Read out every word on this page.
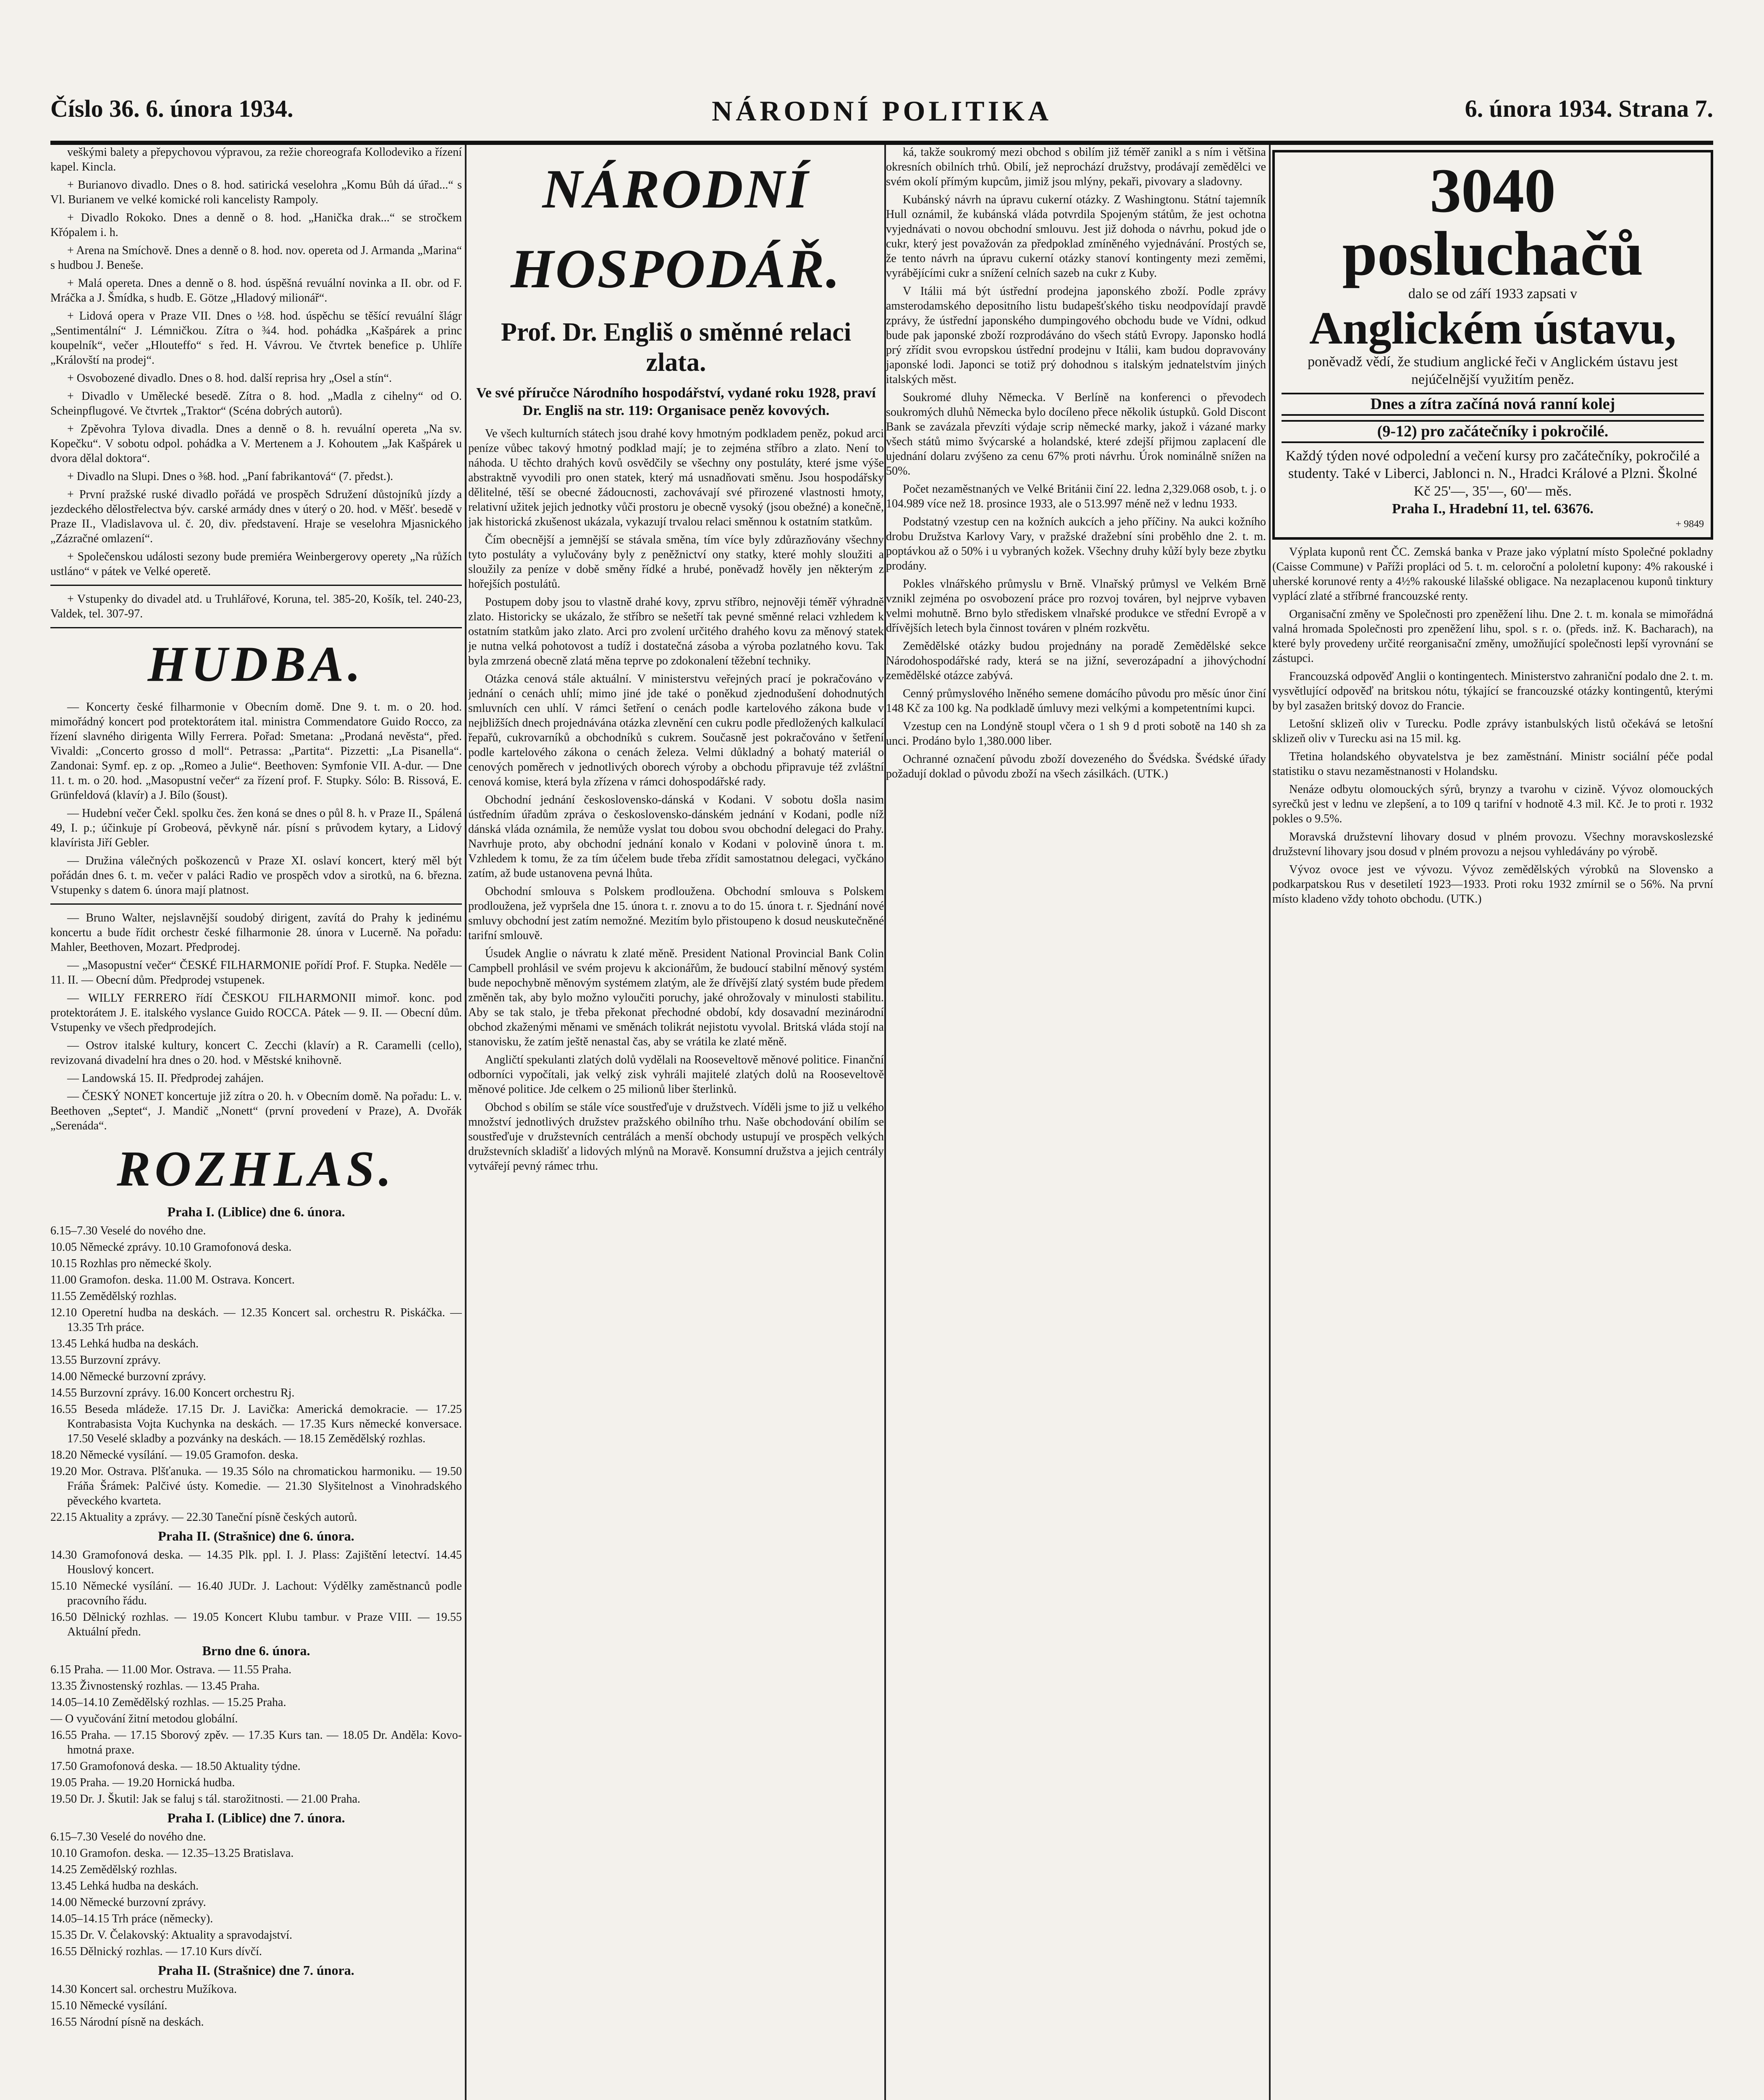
Číslo 36. 6. února 1934.	NÁRODNÍ POLITIKA	6. února 1934. Strana 7.

veškými balety a přepychovou výpravou, za režie choreografa Kollodeviko a řízení kapel. Kincla.

+ Burianovo divadlo. Dnes o 8. hod. satirická veselohra „Komu Bůh dá úřad...“ s Vl. Burianem ve velké komické roli kancelisty Rampoly.

+ Divadlo Rokoko. Dnes a denně o 8. hod. „Hanička drak...“ se stročkem Křópalem i. h.

+ Arena na Smíchově. Dnes a denně o 8. hod. nov. opereta od J. Armanda „Marina“ s hudbou J. Beneše.

+ Malá opereta. Dnes a denně o 8. hod. úspěšná revuální novinka a II. obr. od F. Mráčka a J. Šmídka, s hudb. E. Götze „Hladový milionář“.

+ Lidová opera v Praze VII. Dnes o ½8. hod. úspěchu se těšící revuální šlágr „Sentimentální“ J. Lémničkou. Zítra o ¾4. hod. pohádka „Kašpárek a princ koupelník“, večer „Hlouteffo“ s řed. H. Vávrou. Ve čtvrtek benefice p. Uhlíře „Královští na prodej“.

+ Osvobozené divadlo. Dnes o 8. hod. další reprisa hry „Osel a stín“.

+ Divadlo v Umělecké besedě. Zítra o 8. hod. „Madla z cihelny“ od O. Scheinpflugové. Ve čtvrtek „Traktor“ (Scéna dobrých autorů).

+ Zpěvohra Tylova divadla. Dnes a denně o 8. h. revuální opereta „Na sv. Kopečku“. V sobotu odpol. pohádka a V. Mertenem a J. Kohoutem „Jak Kašpárek u dvora dělal doktora“.

+ Divadlo na Slupi. Dnes o ⅜8. hod. „Paní fabrikantová“ (7. předst.).

+ První pražské ruské divadlo pořádá ve prospěch Sdružení důstojníků jízdy a jezdeckého dělostřelectva býv. carské armády dnes v úterý o 20. hod. v Měšť. besedě v Praze II., Vladislavova ul. č. 20, div. představení. Hraje se veselohra Mjasnického „Zázračné omlazení“.

+ Společenskou události sezony bude premiéra Weinbergerovy operety „Na růžích ustláno“ v pátek ve Velké operetě.

+ Vstupenky do divadel atd. u Truhlářové, Koruna, tel. 385-20, Košík, tel. 240-23, Valdek, tel. 307-97.

HUDBA.

— Koncerty české filharmonie v Obecním domě. Dne 9. t. m. o 20. hod. mimořádný koncert pod protektorátem ital. ministra Commendatore Guido Rocco, za řízení slavného dirigenta Willy Ferrera. Pořad: Smetana: „Prodaná nevěsta“, před. Vivaldi: „Concerto grosso d moll“. Petrassa: „Partita“. Pizzetti: „La Pisanella“. Zandonai: Symf. ep. z op. „Romeo a Julie“. Beethoven: Symfonie VII. A-dur. — Dne 11. t. m. o 20. hod. „Masopustní večer“ za řízení prof. F. Stupky. Sólo: B. Rissová, E. Grünfeldová (klavír) a J. Bílo (šoust).

— Hudební večer Čekl. spolku čes. žen koná se dnes o půl 8. h. v Praze II., Spálená 49, I. p.; účinkuje pí Grobeová, pěvkyně nár. písní s průvodem kytary, a Lidový klavírista Jiří Gebler.

— Družina válečných poškozenců v Praze XI. oslaví koncert, který měl být pořádán dnes 6. t. m. večer v paláci Radio ve prospěch vdov a sirotků, na 6. března. Vstupenky s datem 6. února mají platnost.

— Bruno Walter, nejslavnější soudobý dirigent, zavítá do Prahy k jedinému koncertu a bude řídit orchestr české filharmonie 28. února v Lucerně. Na pořadu: Mahler, Beethoven, Mozart. Předprodej.

— „Masopustní večer“ ČESKÉ FILHARMONIE pořídí Prof. F. Stupka. Neděle — 11. II. — Obecní dům. Předprodej vstupenek.

— WILLY FERRERO řídí ČESKOU FILHARMONII mimoř. konc. pod protektorátem J. E. italského vyslance Guido ROCCA. Pátek — 9. II. — Obecní dům. Vstupenky ve všech předprodejích.

— Ostrov italské kultury, koncert C. Zecchi (klavír) a R. Caramelli (cello), revizovaná divadelní hra dnes o 20. hod. v Městské knihovně.

— Landowská 15. II. Předprodej zahájen.

— ČESKÝ NONET koncertuje již zítra o 20. h. v Obecním domě. Na pořadu: L. v. Beethoven „Septet“, J. Mandič „Nonett“ (první provedení v Praze), A. Dvořák „Serenáda“.

ROZHLAS.
Praha I. (Liblice) dne 6. února.

6.15–7.30 Veselé do nového dne.

10.05 Německé zprávy. 10.10 Gramofonová deska.

10.15 Rozhlas pro německé školy.

11.00 Gramofon. deska. 11.00 M. Ostrava. Koncert.

11.55 Zemědělský rozhlas.

12.10 Operetní hudba na deskách. — 12.35 Koncert sal. orchestru R. Piskáčka. — 13.35 Trh práce.

13.45 Lehká hudba na deskách.

13.55 Burzovní zprávy.

14.00 Německé burzovní zprávy.

14.55 Burzovní zprávy. 16.00 Koncert orchestru Rj.

16.55 Beseda mládeže. 17.15 Dr. J. Lavička: Americká demokracie. — 17.25 Kontrabasista Vojta Kuchynka na deskách. — 17.35 Kurs německé konversace. 17.50 Veselé skladby a pozvánky na deskách. — 18.15 Zemědělský rozhlas.

18.20 Německé vysílání. — 19.05 Gramofon. deska.

19.20 Mor. Ostrava. Plšťanuka. — 19.35 Sólo na chromatickou harmoniku. — 19.50 Fráňa Šrámek: Palčivé ústy. Komedie. — 21.30 Slyšitelnost a Vinohradského pěveckého kvarteta.

22.15 Aktuality a zprávy. — 22.30 Taneční písně českých autorů.

Praha II. (Strašnice) dne 6. února.

14.30 Gramofonová deska. — 14.35 Plk. ppl. I. J. Plass: Zajištění letectví. 14.45 Houslový koncert.

15.10 Německé vysílání. — 16.40 JUDr. J. Lachout: Výdělky zaměstnanců podle pracovního řádu.

16.50 Dělnický rozhlas. — 19.05 Koncert Klubu tambur. v Praze VIII. — 19.55 Aktuální předn.

Brno dne 6. února.

6.15 Praha. — 11.00 Mor. Ostrava. — 11.55 Praha.

13.35 Živnostenský rozhlas. — 13.45 Praha.

14.05–14.10 Zemědělský rozhlas. — 15.25 Praha.

— O vyučování žitní metodou globální.

16.55 Praha. — 17.15 Sborový zpěv. — 17.35 Kurs tan. — 18.05 Dr. Anděla: Kovo-hmotná praxe.

17.50 Gramofonová deska. — 18.50 Aktuality týdne.

19.05 Praha. — 19.20 Hornická hudba.

19.50 Dr. J. Škutil: Jak se faluj s tál. starožitnosti. — 21.00 Praha.

Praha I. (Liblice) dne 7. února.

6.15–7.30 Veselé do nového dne.

10.10 Gramofon. deska. — 12.35–13.25 Bratislava.

14.25 Zemědělský rozhlas.

13.45 Lehká hudba na deskách.

14.00 Německé burzovní zprávy.

14.05–14.15 Trh práce (německy).

15.35 Dr. V. Čelakovský: Aktuality a spravodajství.

16.55 Dělnický rozhlas. — 17.10 Kurs dívčí.

Praha II. (Strašnice) dne 7. února.

14.30 Koncert sal. orchestru Mužíkova.

15.10 Německé vysílání.

16.55 Národní písně na deskách.

NÁRODNÍ HOSPODÁŘ.
Prof. Dr. Engliš o směnné relaci zlata.
Ve své příručce Národního hospodářství, vydané roku 1928, praví Dr. Engliš na str. 119: Organisace peněz kovových.

Ve všech kulturních státech jsou drahé kovy hmotným podkladem peněz, pokud arci peníze vůbec takový hmotný podklad mají; je to zejména stříbro a zlato. Není to náhoda. U těchto drahých kovů osvědčily se všechny ony postuláty, které jsme výše abstraktně vyvodili pro onen statek, který má usnadňovati směnu. Jsou hospodářsky dělitelné, těší se obecné žádoucnosti, zachovávají své přirozené vlastnosti hmoty, relativní užitek jejich jednotky vůči prostoru je obecně vysoký (jsou obežné) a konečně, jak historická zkušenost ukázala, vykazují trvalou relaci směnnou k ostatním statkům.

Čím obecnější a jemnější se stávala směna, tím více byly zdůrazňovány všechny tyto postuláty a vylučovány byly z peněžnictví ony statky, které mohly sloužiti a sloužily za peníze v době směny řídké a hrubé, poněvadž hověly jen některým z hořejších postulátů.

Postupem doby jsou to vlastně drahé kovy, zprvu stříbro, nejnověji téměř výhradně zlato. Historicky se ukázalo, že stříbro se nešetří tak pevné směnné relaci vzhledem k ostatním statkům jako zlato. Arci pro zvolení určitého drahého kovu za měnový statek je nutna velká pohotovost a tudíž i dostatečná zásoba a výroba pozlatného kovu. Tak byla zmrzená obecně zlatá měna teprve po zdokonalení těžební techniky.

Otázka cenová stále aktuální. V ministerstvu veřejných prací je pokračováno v jednání o cenách uhlí; mimo jiné jde také o poněkud zjednodušení dohodnutých smluvních cen uhlí. V rámci šetření o cenách podle kartelového zákona bude v nejbližších dnech projednávána otázka zlevnění cen cukru podle předložených kalkulací řepařů, cukrovarníků a obchodníků s cukrem. Současně jest pokračováno v šetření podle kartelového zákona o cenách železa. Velmi důkladný a bohatý materiál o cenových poměrech v jednotlivých oborech výroby a obchodu připravuje též zvláštní cenová komise, která byla zřízena v rámci dohospodářské rady.

Obchodní jednání československo-dánská v Kodani. V sobotu došla nasim ústředním úřadům zpráva o československo-dánském jednání v Kodani, podle níž dánská vláda oznámila, že nemůže vyslat tou dobou svou obchodní delegaci do Prahy. Navrhuje proto, aby obchodní jednání konalo v Kodani v polovině února t. m. Vzhledem k tomu, že za tím účelem bude třeba zřídit samostatnou delegaci, vyčkáno zatím, až bude ustanovena pevná lhůta.

Obchodní smlouva s Polskem prodloužena. Obchodní smlouva s Polskem prodloužena, jež vypršela dne 15. února t. r. znovu a to do 15. února t. r. Sjednání nové smluvy obchodní jest zatím nemožné. Mezitím bylo přistoupeno k dosud neuskutečněné tarifní smlouvě.

Úsudek Anglie o návratu k zlaté měně. President National Provincial Bank Colin Campbell prohlásil ve svém projevu k akcionářům, že budoucí stabilní měnový systém bude nepochybně měnovým systémem zlatým, ale že dřívější zlatý systém bude předem změněn tak, aby bylo možno vyloučiti poruchy, jaké ohrožovaly v minulosti stabilitu. Aby se tak stalo, je třeba překonat přechodné období, kdy dosavadní mezinárodní obchod zkaženými měnami ve směnách tolikrát nejistotu vyvolal. Britská vláda stojí na stanovisku, že zatím ještě nenastal čas, aby se vrátila ke zlaté měně.

Angličtí spekulanti zlatých dolů vydělali na Rooseveltově měnové politice. Finanční odborníci vypočítali, jak velký zisk vyhráli majitelé zlatých dolů na Rooseveltově měnové politice. Jde celkem o 25 milionů liber šterlinků.

Obchod s obilím se stále více soustřeďuje v družstvech. Víděli jsme to již u velkého množství jednotlivých družstev pražského obilního trhu. Naše obchodování obilím se soustřeďuje v družstevních centrálách a menší obchody ustupují ve prospěch velkých družstevních skladišť a lidových mlýnů na Moravě. Konsumní družstva a jejich centrály vytvářejí pevný rámec trhu.

ká, takže soukromý mezi obchod s obilím již téměř zanikl a s ním i většina okresních obilních trhů. Obilí, jež neprochází družstvy, prodávají zemědělci ve svém okolí přímým kupcům, jimiž jsou mlýny, pekaři, pivovary a sladovny.

Kubánský návrh na úpravu cukerní otázky. Z Washingtonu. Státní tajemník Hull oznámil, že kubánská vláda potvrdila Spojeným státům, že jest ochotna vyjednávati o novou obchodní smlouvu. Jest již dohoda o návrhu, pokud jde o cukr, který jest považován za předpoklad zmíněného vyjednávání. Prostých se, že tento návrh na úpravu cukerní otázky stanoví kontingenty mezi zeměmi, vyrábějícími cukr a snížení celních sazeb na cukr z Kuby.

V Itálii má být ústřední prodejna japonského zboží. Podle zprávy amsterodamského depositního listu budapešťského tisku neodpovídají pravdě zprávy, že ústřední japonského dumpingového obchodu bude ve Vídni, odkud bude pak japonské zboží rozprodáváno do všech států Evropy. Japonsko hodlá prý zřídit svou evropskou ústřední prodejnu v Itálii, kam budou dopravovány japonské lodi. Japonci se totiž prý dohodnou s italským jednatelstvím jiných italských měst.

Soukromé dluhy Německa. V Berlíně na konferenci o převodech soukromých dluhů Německa bylo docíleno přece několik ústupků. Gold Discont Bank se zavázala převzíti výdaje scrip německé marky, jakož i vázané marky všech států mimo švýcarské a holandské, které zdejší přijmou zaplacení dle ujednání dolaru zvýšeno za cenu 67% proti návrhu. Úrok nominálně snížen na 50%.

Počet nezaměstnaných ve Velké Británii činí 22. ledna 2,329.068 osob, t. j. o 104.989 více než 18. prosince 1933, ale o 513.997 méně než v lednu 1933.

Podstatný vzestup cen na kožních aukcích a jeho příčiny. Na aukci kožního drobu Družstva Karlovy Vary, v pražské dražební síni proběhlo dne 2. t. m. poptávkou až o 50% i u vybraných kožek. Všechny druhy kůží byly beze zbytku prodány.

Pokles vlnářského průmyslu v Brně. Vlnařský průmysl ve Velkém Brně vznikl zejména po osvobození práce pro rozvoj továren, byl nejprve vybaven velmi mohutně. Brno bylo střediskem vlnařské produkce ve střední Evropě a v dřívějších letech byla činnost továren v plném rozkvětu.

Zemědělské otázky budou projednány na poradě Zemědělské sekce Národohospodářské rady, která se na jižní, severozápadní a jihovýchodní zemědělské otázce zabývá.

Cenný průmyslového lněného semene domácího původu pro měsíc únor činí 148 Kč za 100 kg. Na podkladě úmluvy mezi velkými a kompetentními kupci.

Vzestup cen na Londýně stoupl včera o 1 sh 9 d proti sobotě na 140 sh za unci. Prodáno bylo 1,380.000 liber.

Ochranné označení původu zboží dovezeného do Švédska. Švédské úřady požadují doklad o původu zboží na všech zásilkách. (UTK.)

3040 posluchačů
dalo se od září 1933 zapsati v
Anglickém ústavu,
poněvadž vědí, že studium anglické řeči v Anglickém ústavu jest nejúčelnější využitím peněz.
Dnes a zítra začíná nová ranní kolej
(9-12) pro začátečníky i pokročilé.
Každý týden nové odpolední a večení kursy pro začátečníky, pokročilé a studenty. Také v Liberci, Jablonci n. N., Hradci Králové a Plzni. Školné Kč 25'—, 35'—, 60'— měs.
Praha I., Hradební 11, tel. 63676.
+ 9849

Výplata kuponů rent ČC. Zemská banka v Praze jako výplatní místo Společné pokladny (Caisse Commune) v Paříži propláci od 5. t. m. celoroční a pololetní kupony: 4% rakouské i uherské korunové renty a 4½% rakouské lilašské obligace. Na nezaplacenou kuponů tinktury vyplácí zlaté a stříbrné francouzské renty.

Organisační změny ve Společnosti pro zpeněžení lihu. Dne 2. t. m. konala se mimořádná valná hromada Společnosti pro zpeněžení lihu, spol. s r. o. (předs. inž. K. Bacharach), na které byly provedeny určité reorganisační změny, umožňující společnosti lepší vyrovnání se zástupci.

Francouzská odpověď Anglii o kontingentech. Ministerstvo zahraniční podalo dne 2. t. m. vysvětlující odpověď na britskou nótu, týkající se francouzské otázky kontingentů, kterými by byl zasažen britský dovoz do Francie.

Letošní sklizeň oliv v Turecku. Podle zprávy istanbulských listů očekává se letošní sklizeň oliv v Turecku asi na 15 mil. kg.

Třetina holandského obyvatelstva je bez zaměstnání. Ministr sociální péče podal statistiku o stavu nezaměstnanosti v Holandsku.

Nenáze odbytu olomouckých sýrů, brynzy a tvarohu v cizině. Vývoz olomouckých syrečků jest v lednu ve zlepšení, a to 109 q tarifní v hodnotě 4.3 mil. Kč. Je to proti r. 1932 pokles o 9.5%.

Moravská družstevní lihovary dosud v plném provozu. Všechny moravskoslezské družstevní lihovary jsou dosud v plném provozu a nejsou vyhledávány po výrobě.

Vývoz ovoce jest ve vývozu. Vývoz zemědělských výrobků na Slovensko a podkarpatskou Rus v desetiletí 1923—1933. Proti roku 1932 zmírnil se o 56%. Na první místo kladeno vždy tohoto obchodu. (UTK.)
